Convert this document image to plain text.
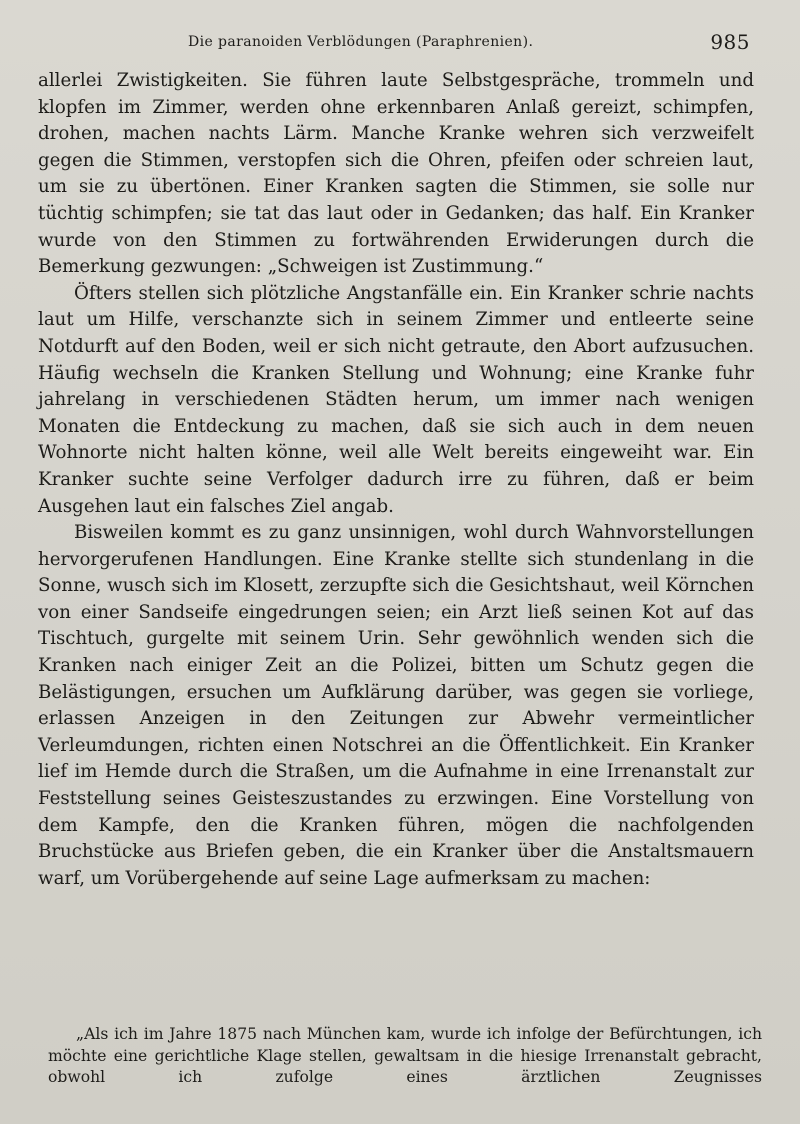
Die paranoiden Verblödungen (Paraphrenien).	985

allerlei Zwistigkeiten. Sie führen laute Selbstgespräche, trommeln und klopfen im Zimmer, werden ohne erkennbaren Anlaß gereizt, schimpfen, drohen, machen nachts Lärm. Manche Kranke wehren sich verzweifelt gegen die Stimmen, verstopfen sich die Ohren, pfeifen oder schreien laut, um sie zu übertönen. Einer Kranken sagten die Stimmen, sie solle nur tüchtig schimpfen; sie tat das laut oder in Gedanken; das half. Ein Kranker wurde von den Stimmen zu fortwährenden Erwiderungen durch die Bemerkung gezwungen: „Schweigen ist Zustimmung.“

Öfters stellen sich plötzliche Angstanfälle ein. Ein Kranker schrie nachts laut um Hilfe, verschanzte sich in seinem Zimmer und entleerte seine Notdurft auf den Boden, weil er sich nicht getraute, den Abort aufzusuchen. Häufig wechseln die Kranken Stellung und Wohnung; eine Kranke fuhr jahrelang in verschiedenen Städten herum, um immer nach wenigen Monaten die Entdeckung zu machen, daß sie sich auch in dem neuen Wohnorte nicht halten könne, weil alle Welt bereits eingeweiht war. Ein Kranker suchte seine Verfolger dadurch irre zu führen, daß er beim Ausgehen laut ein falsches Ziel angab.

Bisweilen kommt es zu ganz unsinnigen, wohl durch Wahnvorstellungen hervorgerufenen Handlungen. Eine Kranke stellte sich stundenlang in die Sonne, wusch sich im Klosett, zerzupfte sich die Gesichtshaut, weil Körnchen von einer Sandseife eingedrungen seien; ein Arzt ließ seinen Kot auf das Tischtuch, gurgelte mit seinem Urin. Sehr gewöhnlich wenden sich die Kranken nach einiger Zeit an die Polizei, bitten um Schutz gegen die Belästigungen, ersuchen um Aufklärung darüber, was gegen sie vorliege, erlassen Anzeigen in den Zeitungen zur Abwehr vermeintlicher Verleumdungen, richten einen Notschrei an die Öffentlichkeit. Ein Kranker lief im Hemde durch die Straßen, um die Aufnahme in eine Irrenanstalt zur Feststellung seines Geisteszustandes zu erzwingen. Eine Vorstellung von dem Kampfe, den die Kranken führen, mögen die nachfolgenden Bruchstücke aus Briefen geben, die ein Kranker über die Anstaltsmauern warf, um Vorübergehende auf seine Lage aufmerksam zu machen:

„Als ich im Jahre 1875 nach München kam, wurde ich infolge der Befürchtungen, ich möchte eine gerichtliche Klage stellen, gewaltsam in die hiesige Irrenanstalt gebracht, obwohl ich zufolge eines ärztlichen Zeugnisses
